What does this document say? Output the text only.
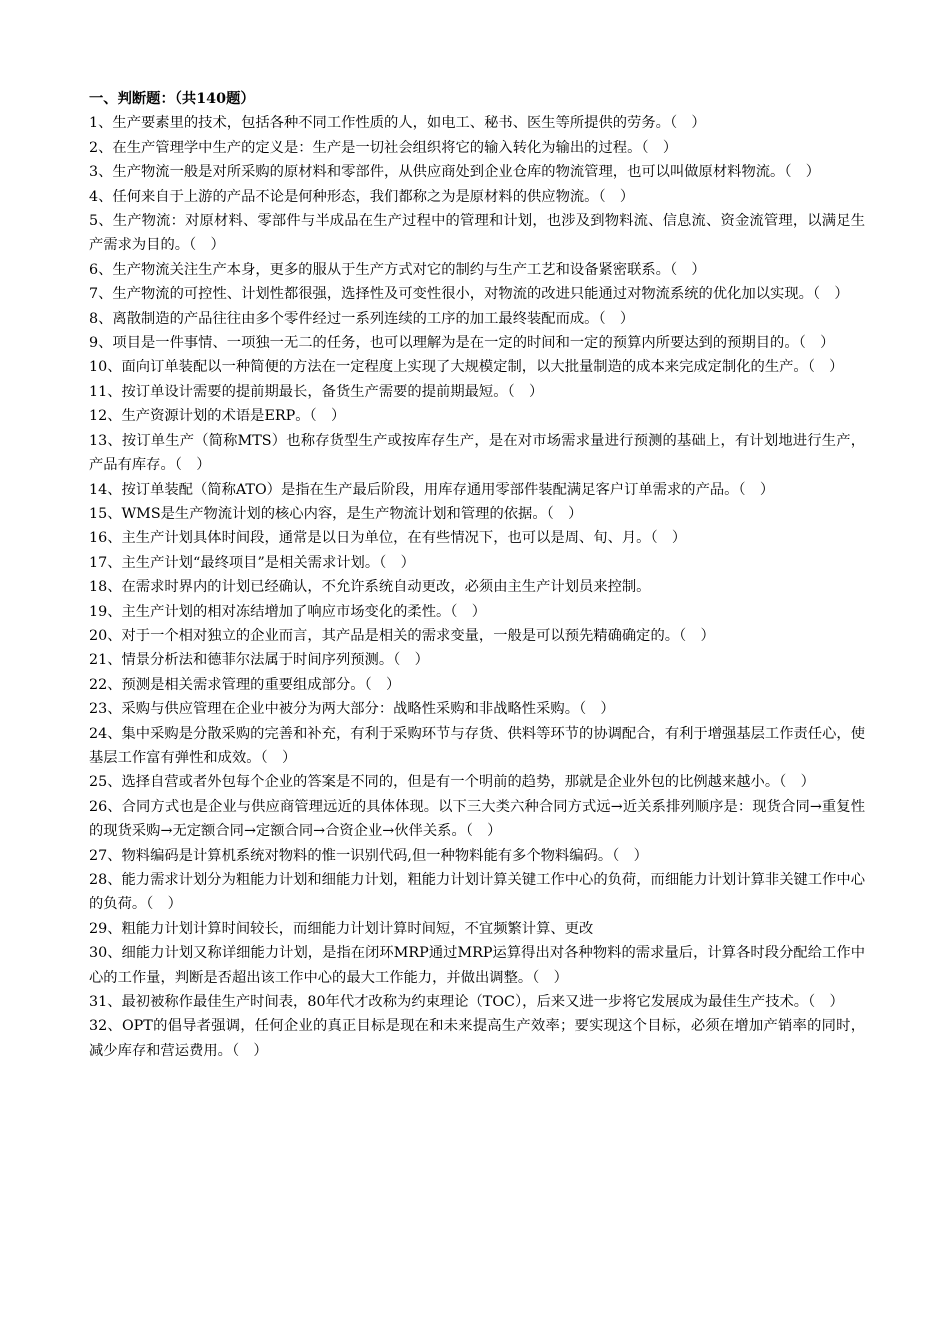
一、判断题：（共140题）

1、生产要素里的技术，包括各种不同工作性质的人，如电工、秘书、医生等所提供的劳务。（　）

2、在生产管理学中生产的定义是：生产是一切社会组织将它的输入转化为输出的过程。（　）

3、生产物流一般是对所采购的原材料和零部件，从供应商处到企业仓库的物流管理，也可以叫做原材料物流。（　）

4、任何来自于上游的产品不论是何种形态，我们都称之为是原材料的供应物流。（　）

5、生产物流：对原材料、零部件与半成品在生产过程中的管理和计划，也涉及到物料流、信息流、资金流管理，以满足生产需求为目的。（　）

6、生产物流关注生产本身，更多的服从于生产方式对它的制约与生产工艺和设备紧密联系。（　）

7、生产物流的可控性、计划性都很强，选择性及可变性很小，对物流的改进只能通过对物流系统的优化加以实现。（　）

8、离散制造的产品往往由多个零件经过一系列连续的工序的加工最终装配而成。（　）

9、项目是一件事情、一项独一无二的任务，也可以理解为是在一定的时间和一定的预算内所要达到的预期目的。（　）

10、面向订单装配以一种简便的方法在一定程度上实现了大规模定制，以大批量制造的成本来完成定制化的生产。（　）

11、按订单设计需要的提前期最长，备货生产需要的提前期最短。（　）

12、生产资源计划的术语是ERP。（　）

13、按订单生产（简称MTS）也称存货型生产或按库存生产，是在对市场需求量进行预测的基础上，有计划地进行生产，产品有库存。（　）

14、按订单装配（简称ATO）是指在生产最后阶段，用库存通用零部件装配满足客户订单需求的产品。（　）

15、WMS是生产物流计划的核心内容，是生产物流计划和管理的依据。（　）

16、主生产计划具体时间段，通常是以日为单位，在有些情况下，也可以是周、旬、月。（　）

17、主生产计划“最终项目”是相关需求计划。（　）

18、在需求时界内的计划已经确认，不允许系统自动更改，必须由主生产计划员来控制。

19、主生产计划的相对冻结增加了响应市场变化的柔性。（　）

20、对于一个相对独立的企业而言，其产品是相关的需求变量，一般是可以预先精确确定的。（　）

21、情景分析法和德菲尔法属于时间序列预测。（　）

22、预测是相关需求管理的重要组成部分。（　）

23、采购与供应管理在企业中被分为两大部分：战略性采购和非战略性采购。（　）

24、集中采购是分散采购的完善和补充，有利于采购环节与存货、供料等环节的协调配合，有利于增强基层工作责任心，使基层工作富有弹性和成效。（　）

25、选择自营或者外包每个企业的答案是不同的，但是有一个明前的趋势，那就是企业外包的比例越来越小。（　）

26、合同方式也是企业与供应商管理远近的具体体现。以下三大类六种合同方式远→近关系排列顺序是：现货合同→重复性的现货采购→无定额合同→定额合同→合资企业→伙伴关系。（　）

27、物料编码是计算机系统对物料的惟一识别代码,但一种物料能有多个物料编码。（　）

28、能力需求计划分为粗能力计划和细能力计划，粗能力计划计算关键工作中心的负荷，而细能力计划计算非关键工作中心的负荷。（　）

29、粗能力计划计算时间较长，而细能力计划计算时间短，不宜频繁计算、更改

30、细能力计划又称详细能力计划，是指在闭环MRP通过MRP运算得出对各种物料的需求量后，计算各时段分配给工作中心的工作量，判断是否超出该工作中心的最大工作能力，并做出调整。（　）

31、最初被称作最佳生产时间表，80年代才改称为约束理论（TOC），后来又进一步将它发展成为最佳生产技术。（　）

32、OPT的倡导者强调，任何企业的真正目标是现在和未来提高生产效率；要实现这个目标，必须在增加产销率的同时，减少库存和营运费用。（　）
